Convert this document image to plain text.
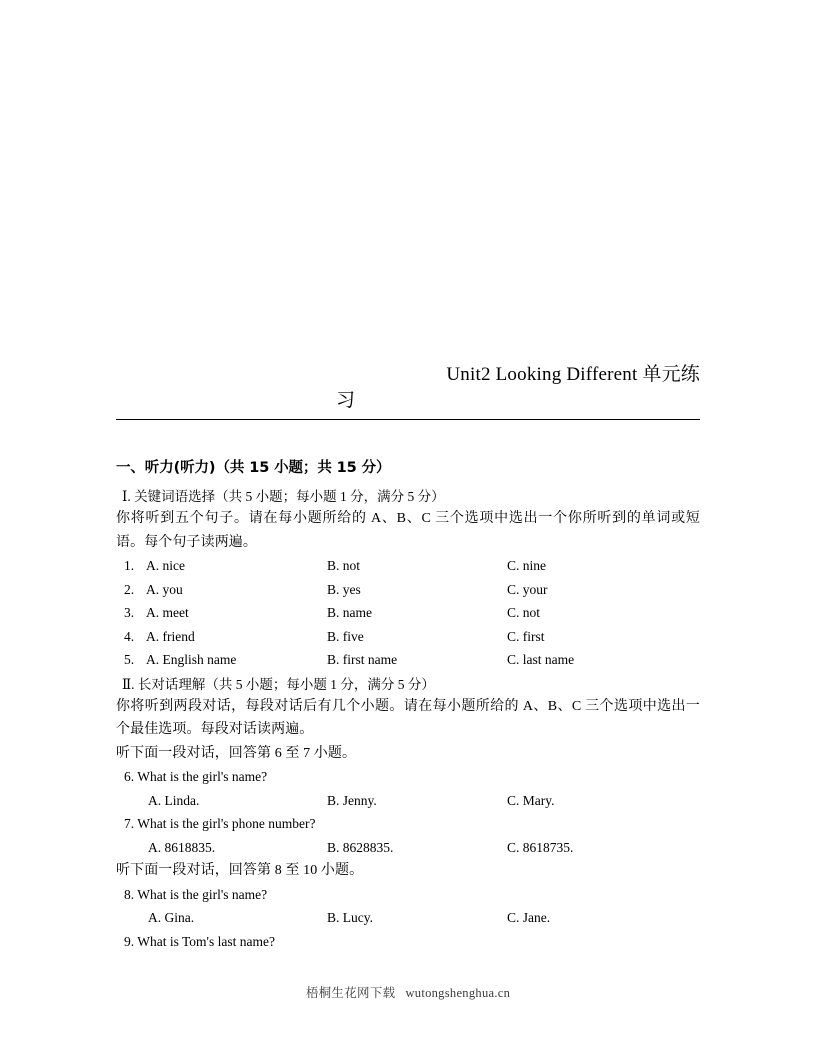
Unit2 Looking Different 单元练
习
一、听力(听力)（共 15 小题；共 15 分）
Ⅰ. 关键词语选择（共 5 小题；每小题 1 分，满分 5 分）

你将听到五个句子。请在每小题所给的 A、B、C 三个选项中选出一个你所听到的单词或短语。每个句子读两遍。

1. A. nice	B. not	C. nine
2. A. you	B. yes	C. your
3. A. meet	B. name	C. not
4. A. friend	B. five	C. first
5. A. English name	B. first name	C. last name
Ⅱ. 长对话理解（共 5 小题；每小题 1 分，满分 5 分）

你将听到两段对话，每段对话后有几个小题。请在每小题所给的 A、B、C 三个选项中选出一个最佳选项。每段对话读两遍。

听下面一段对话，回答第 6 至 7 小题。

6. What is the girl's name?

A. Linda.	B. Jenny.	C. Mary.

7. What is the girl's phone number?

A. 8618835.	B. 8628835.	C. 8618735.

听下面一段对话，回答第 8 至 10 小题。

8. What is the girl's name?

A. Gina.	B. Lucy.	C. Jane.

9. What is Tom's last name?

梧桐生花网下载 wutongshenghua.cn
